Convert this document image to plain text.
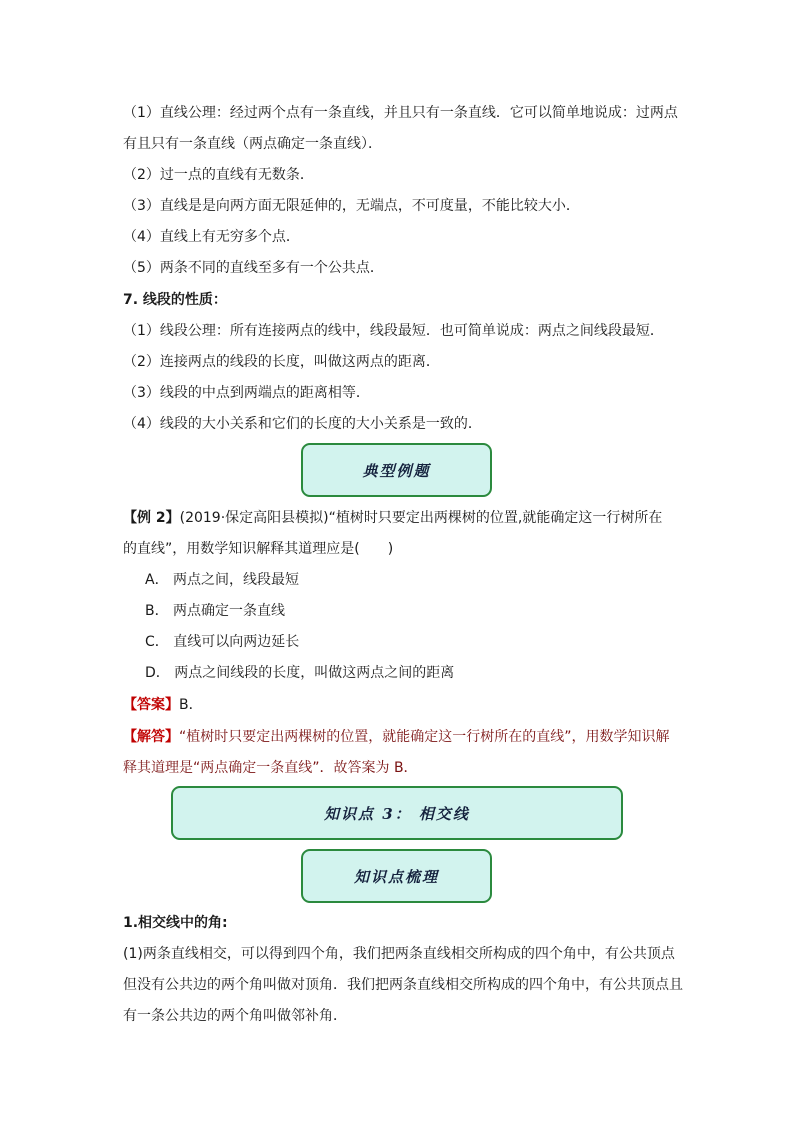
（1）直线公理：经过两个点有一条直线，并且只有一条直线．它可以简单地说成：过两点
有且只有一条直线（两点确定一条直线）．
（2）过一点的直线有无数条．
（3）直线是是向两方面无限延伸的，无端点，不可度量，不能比较大小．
（4）直线上有无穷多个点．
（5）两条不同的直线至多有一个公共点．
7. 线段的性质：
（1）线段公理：所有连接两点的线中，线段最短．也可简单说成：两点之间线段最短．
（2）连接两点的线段的长度，叫做这两点的距离．
（3）线段的中点到两端点的距离相等．
（4）线段的大小关系和它们的长度的大小关系是一致的．
典型例题
【例 2】(2019·保定高阳县模拟)“植树时只要定出两棵树的位置,就能确定这一行树所在
的直线”，用数学知识解释其道理应是(　　)
A． 两点之间，线段最短
B． 两点确定一条直线
C． 直线可以向两边延长
D． 两点之间线段的长度，叫做这两点之间的距离
【答案】B．
【解答】“植树时只要定出两棵树的位置，就能确定这一行树所在的直线”，用数学知识解
释其道理是“两点确定一条直线”．故答案为 B．
知识点 3： 相交线
知识点梳理
1.相交线中的角:
(1)两条直线相交，可以得到四个角，我们把两条直线相交所构成的四个角中，有公共顶点
但没有公共边的两个角叫做对顶角．我们把两条直线相交所构成的四个角中，有公共顶点且
有一条公共边的两个角叫做邻补角．
